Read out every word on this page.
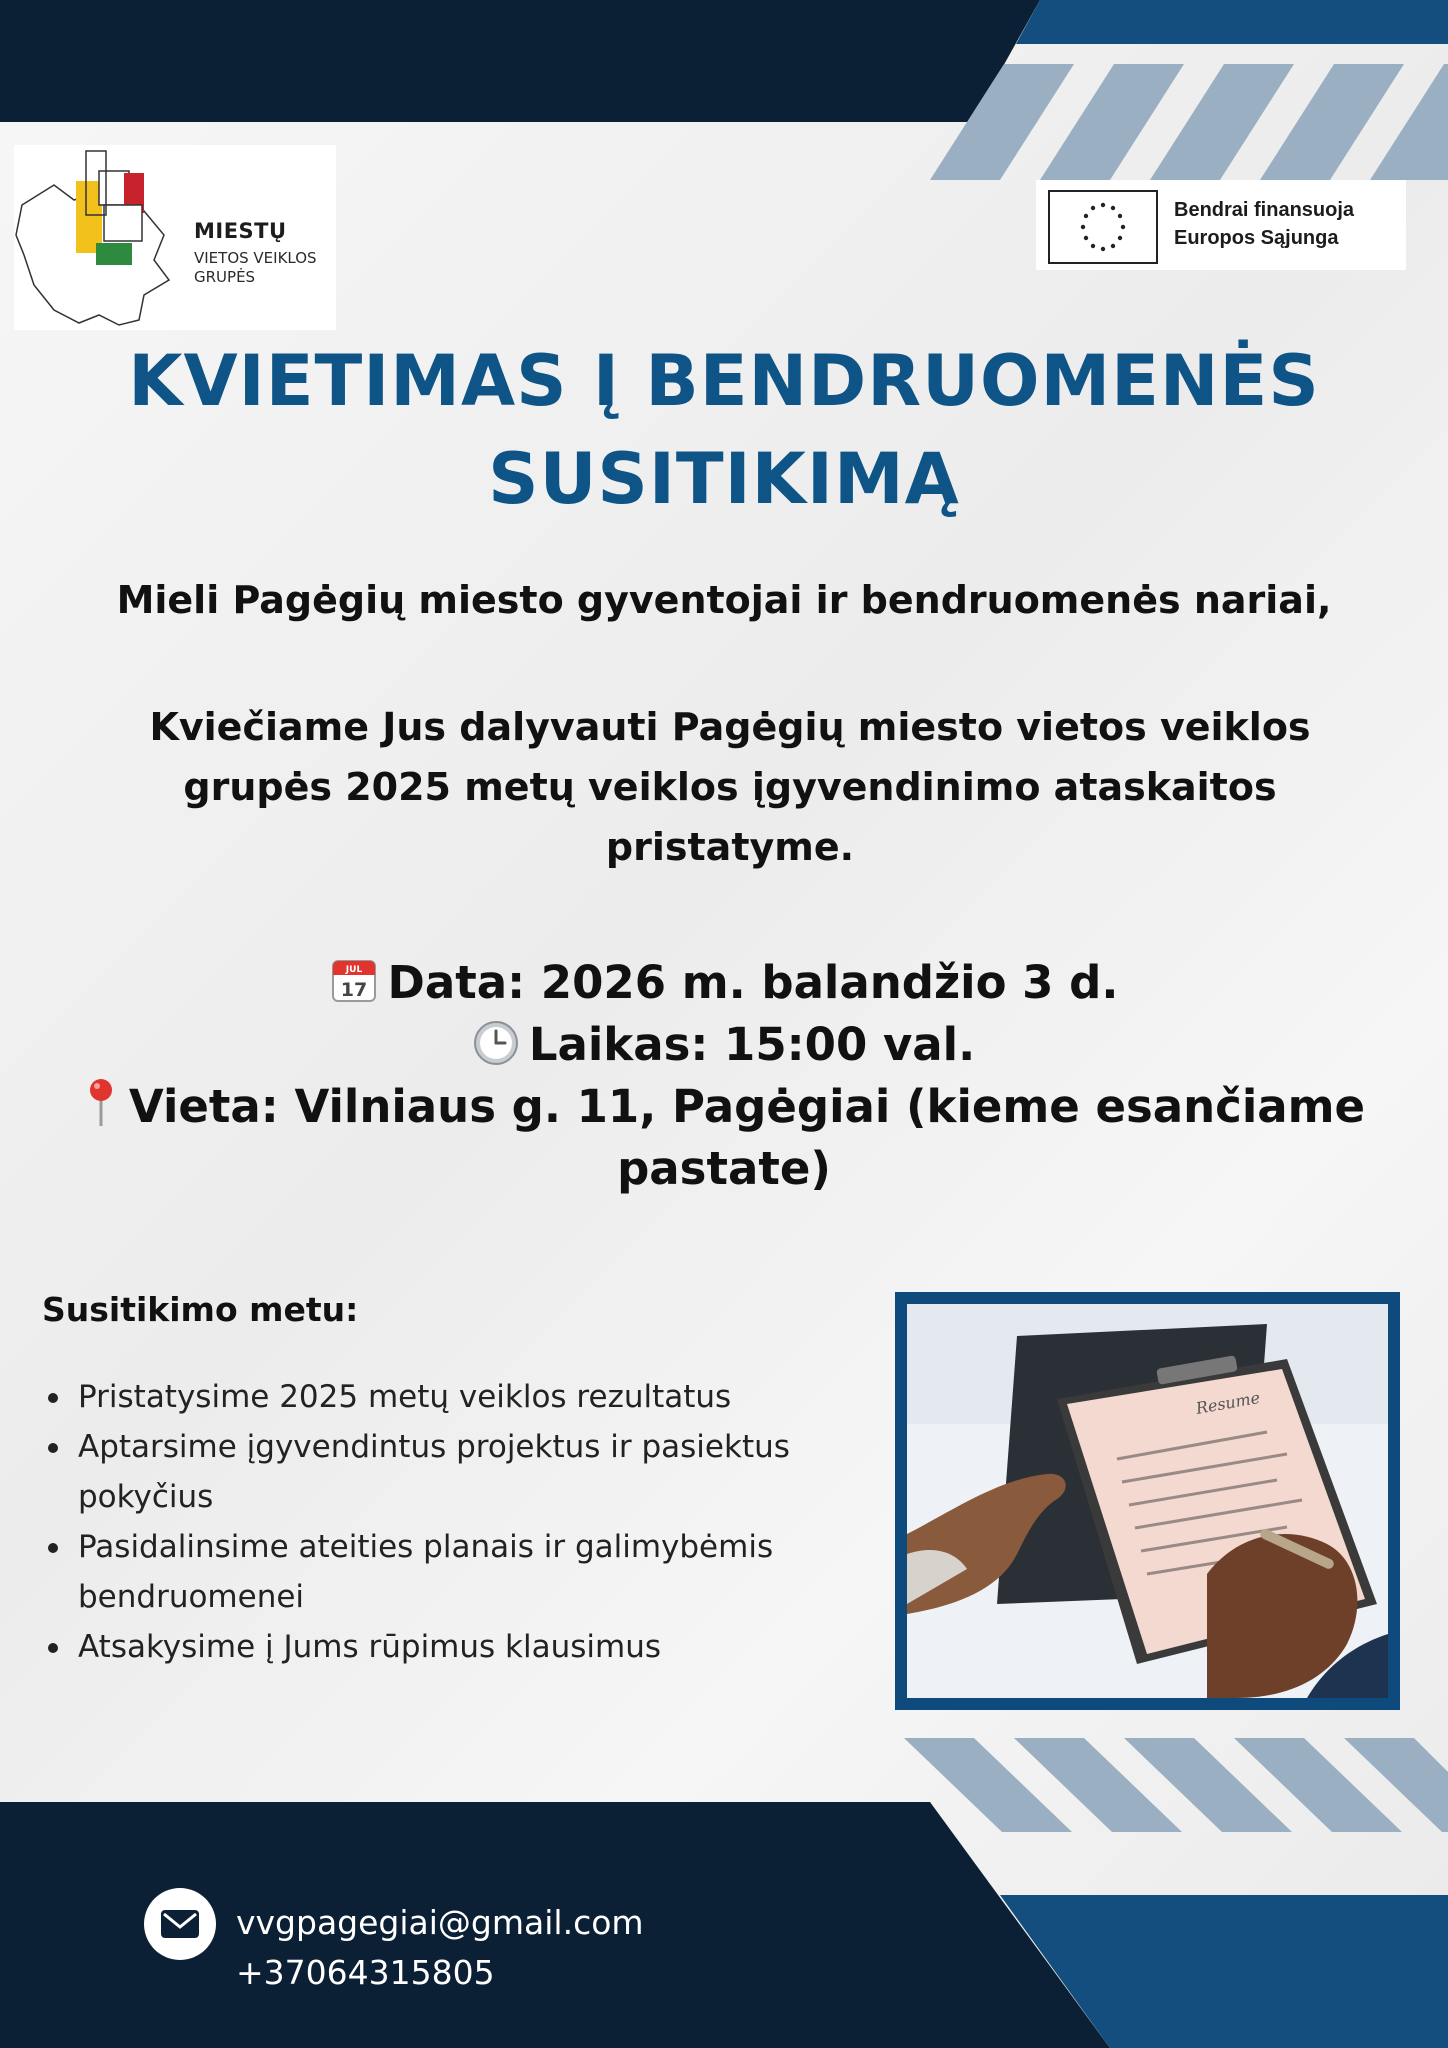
MIESTŲ
VIETOS VEIKLOS GRUPĖS
Bendrai finansuoja
Europos Sąjunga
KVIETIMAS Į BENDRUOMENĖS
SUSITIKIMĄ
Mieli Pagėgių miesto gyventojai ir bendruomenės nariai,
Kviečiame Jus dalyvauti Pagėgių miesto vietos veiklos grupės 2025 metų veiklos įgyvendinimo ataskaitos pristatyme.
JUL
17 Data: 2026 m. balandžio 3 d.
Laikas: 15:00 val.
Vieta: Vilniaus g. 11, Pagėgiai (kieme esančiame pastate)
Susitikimo metu:
Pristatysime 2025 metų veiklos rezultatus
Aptarsime įgyvendintus projektus ir pasiektus pokyčius
Pasidalinsime ateities planais ir galimybėmis bendruomenei
Atsakysime į Jums rūpimus klausimus
Resume
vvgpagegiai@gmail.com
+37064315805
